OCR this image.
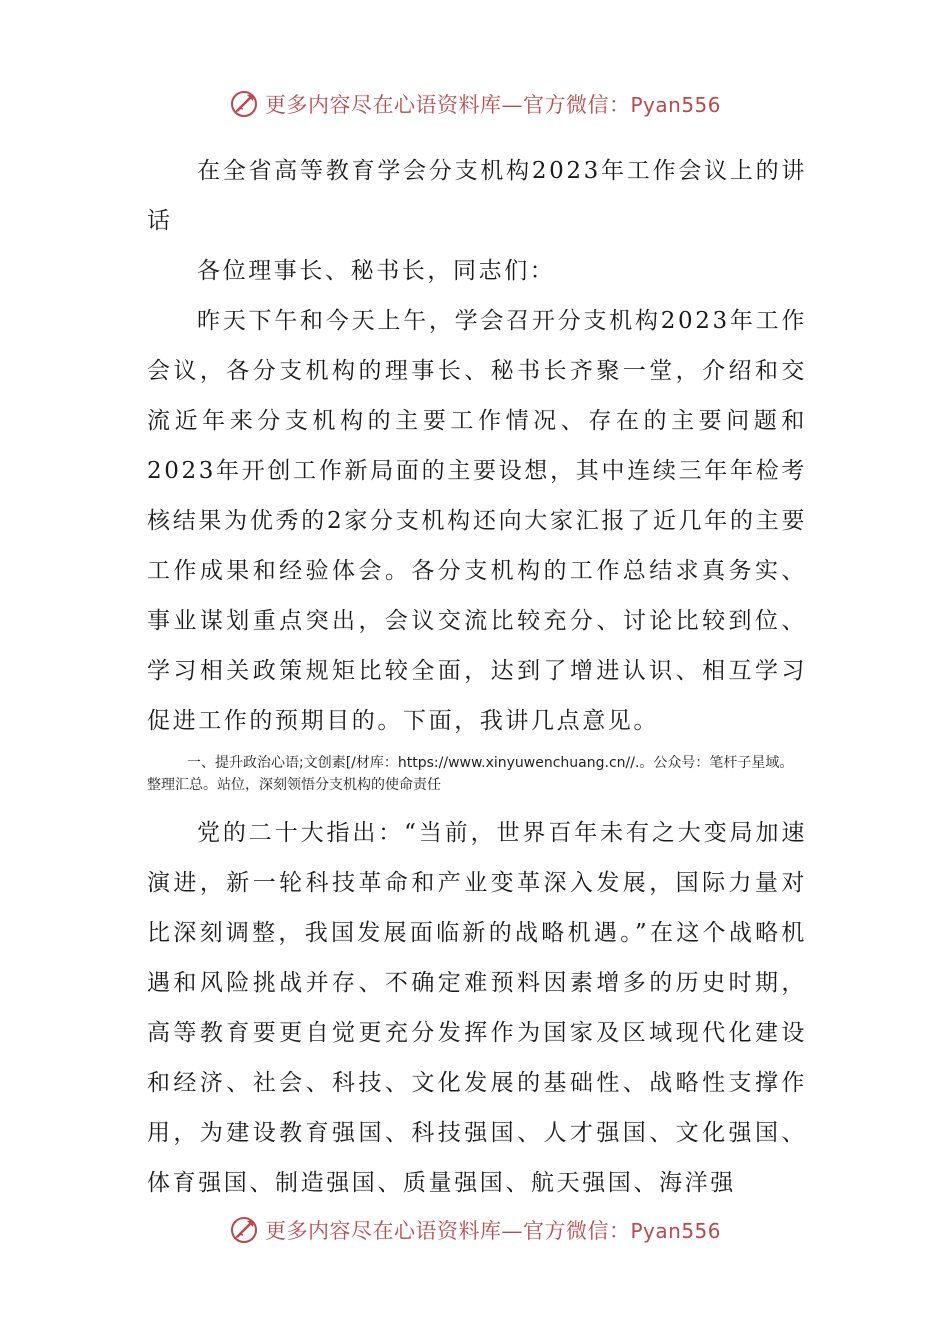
更多内容尽在心语资料库—官方微信：Pyan556

在全省高等教育学会分支机构2023年工作会议上的讲话

各位理事长、秘书长，同志们：

昨天下午和今天上午，学会召开分支机构2023年工作会议，各分支机构的理事长、秘书长齐聚一堂，介绍和交流近年来分支机构的主要工作情况、存在的主要问题和2023年开创工作新局面的主要设想，其中连续三年年检考核结果为优秀的2家分支机构还向大家汇报了近几年的主要工作成果和经验体会。各分支机构的工作总结求真务实、事业谋划重点突出，会议交流比较充分、讨论比较到位、学习相关政策规矩比较全面，达到了增进认识、相互学习促进工作的预期目的。下面，我讲几点意见。

一、提升政治心语;文创素[/材库：https://www.xinyuwenchuang.cn//.。公众号：笔杆子星域。整理汇总。站位，深刻领悟分支机构的使命责任

党的二十大指出：“当前，世界百年未有之大变局加速演进，新一轮科技革命和产业变革深入发展，国际力量对比深刻调整，我国发展面临新的战略机遇。”在这个战略机遇和风险挑战并存、不确定难预料因素增多的历史时期，高等教育要更自觉更充分发挥作为国家及区域现代化建设和经济、社会、科技、文化发展的基础性、战略性支撑作用，为建设教育强国、科技强国、人才强国、文化强国、体育强国、制造强国、质量强国、航天强国、海洋强

更多内容尽在心语资料库—官方微信：Pyan556
